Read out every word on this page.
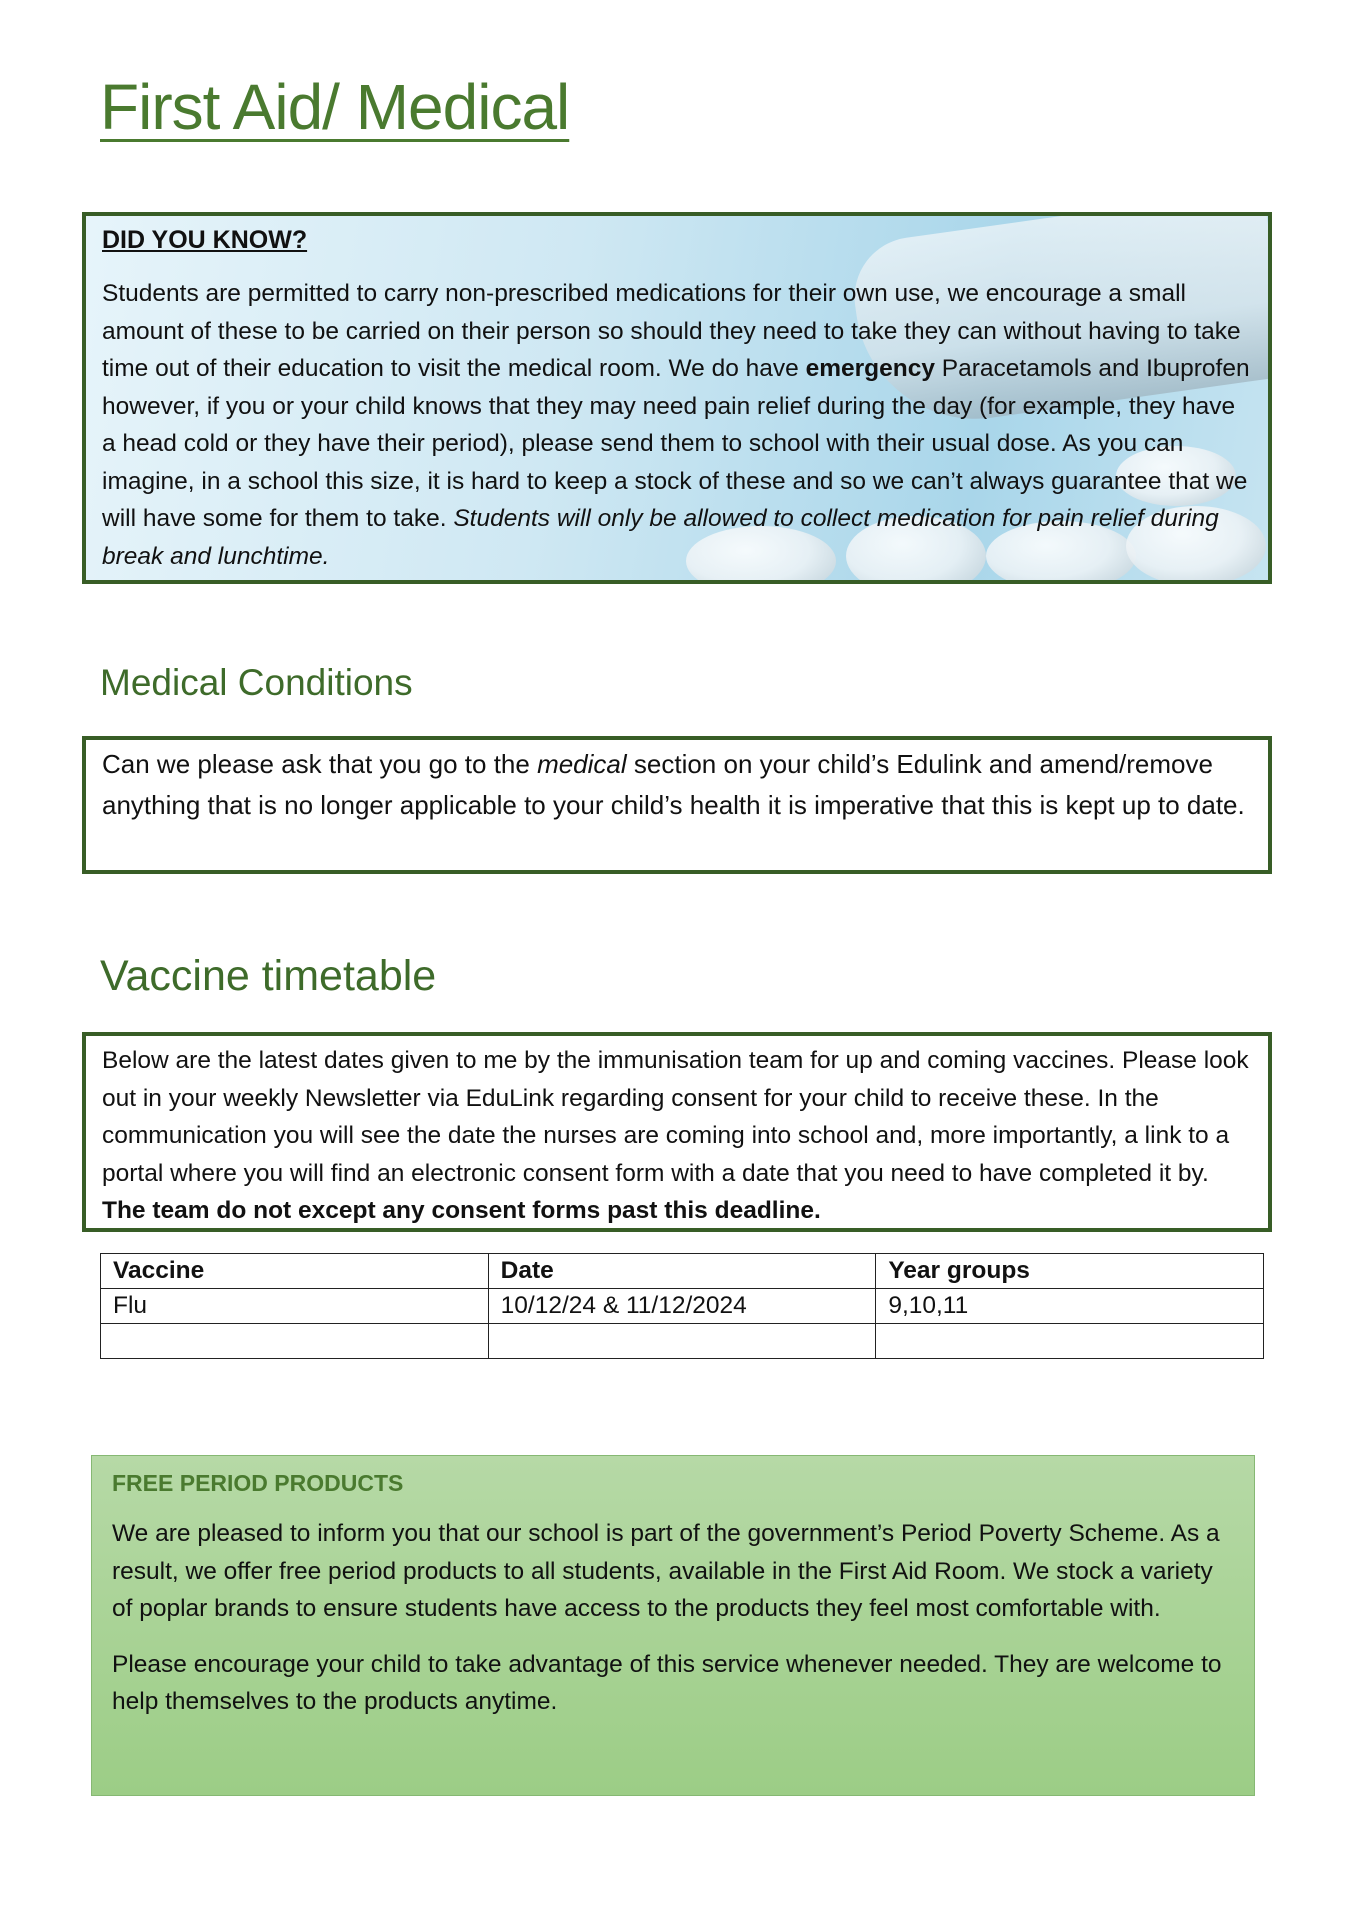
First Aid/ Medical

DID YOU KNOW?

Students are permitted to carry non-prescribed medications for their own use, we encourage a small amount of these to be carried on their person so should they need to take they can without having to take time out of their education to visit the medical room. We do have emergency Paracetamols and Ibuprofen however, if you or your child knows that they may need pain relief during the day (for example, they have a head cold or they have their period), please send them to school with their usual dose. As you can imagine, in a school this size, it is hard to keep a stock of these and so we can’t always guarantee that we will have some for them to take. Students will only be allowed to collect medication for pain relief during break and lunchtime.

Medical Conditions

Can we please ask that you go to the medical section on your child’s Edulink and amend/remove anything that is no longer applicable to your child’s health it is imperative that this is kept up to date.

Vaccine timetable

Below are the latest dates given to me by the immunisation team for up and coming vaccines. Please look out in your weekly Newsletter via EduLink regarding consent for your child to receive these. In the communication you will see the date the nurses are coming into school and, more importantly, a link to a portal where you will find an electronic consent form with a date that you need to have completed it by. The team do not except any consent forms past this deadline.

Vaccine	Date	Year groups
Flu	10/12/24 & 11/12/2024	9,10,11

FREE PERIOD PRODUCTS

We are pleased to inform you that our school is part of the government’s Period Poverty Scheme. As a result, we offer free period products to all students, available in the First Aid Room. We stock a variety of poplar brands to ensure students have access to the products they feel most comfortable with.

Please encourage your child to take advantage of this service whenever needed. They are welcome to help themselves to the products anytime.
